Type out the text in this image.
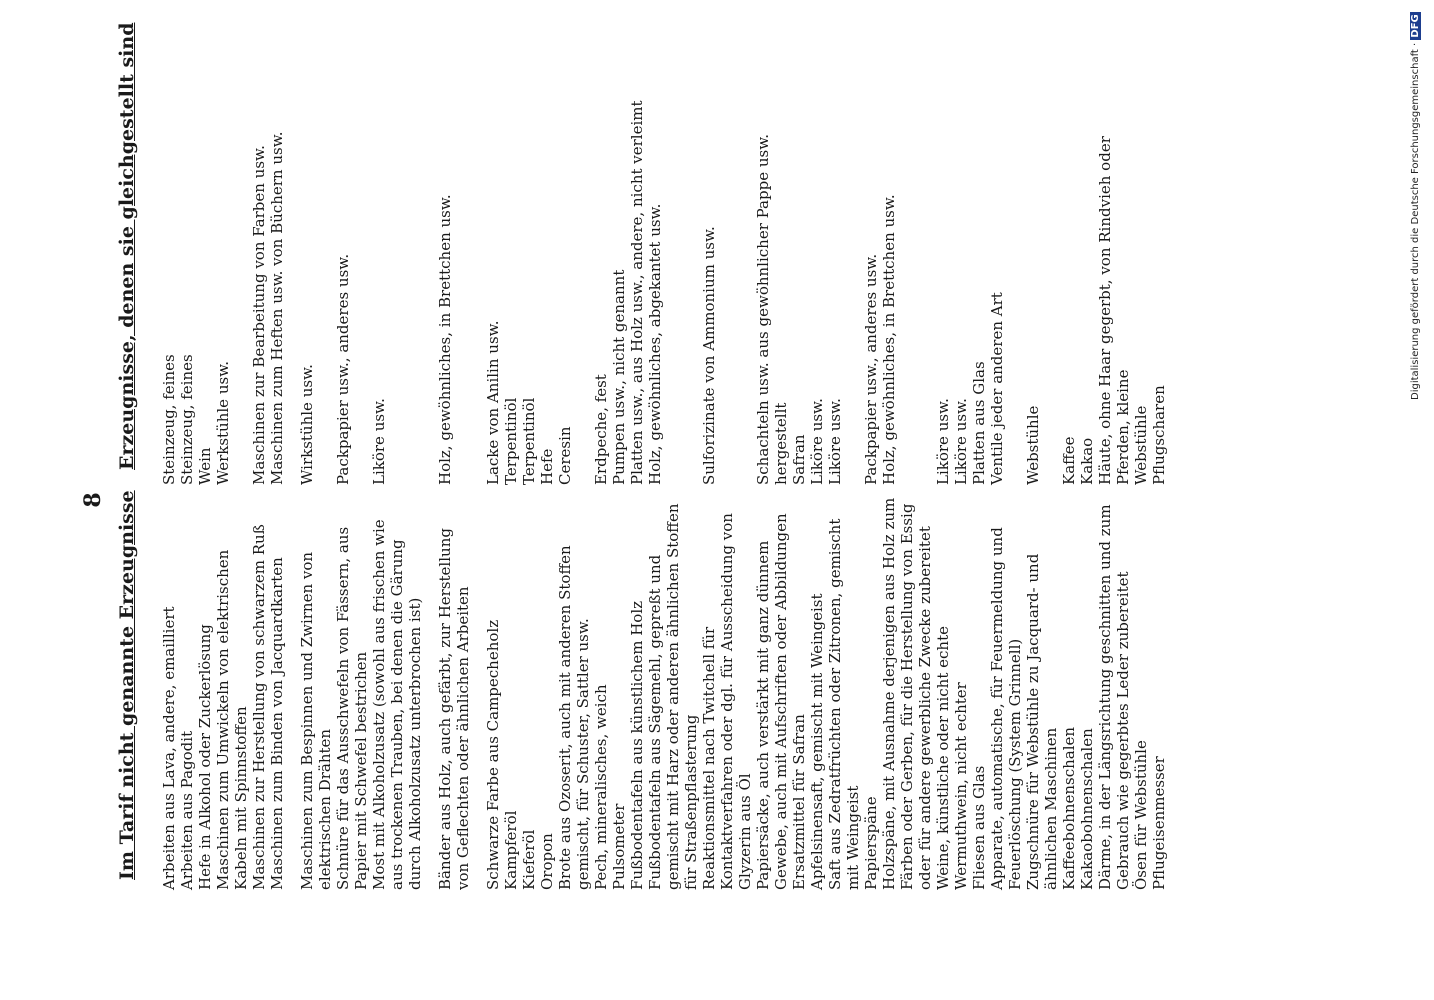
8 Im Tarif nicht genannte Erzeugnisse
Erzeugnisse, denen sie gleichgestellt sind
Arbeiten aus Lava, andere, emailliert
Steinzeug, feines
Arbeiten aus Pagodit
Steinzeug, feines
Hefe in Alkohol oder Zuckerlösung
Wein
Maschinen zum Umwickeln von elektrischen Kabeln mit Spinnstoffen
Werkstühle usw.
Maschinen zur Herstellung von schwarzem Ruß
Maschinen zur Bearbeitung von Farben usw.
Maschinen zum Binden von Jacquardkarten
Maschinen zum Heften usw. von Büchern usw.
Maschinen zum Bespinnen und Zwirnen von elektrischen Drähten
Wirkstühle usw.
Schnüre für das Ausschwefeln von Fässern, aus Papier mit Schwefel bestrichen
Packpapier usw., anderes usw.
Most mit Alkoholzusatz (sowohl aus frischen wie aus trockenen Trauben, bei denen die Gärung durch Alkoholzusatz unterbrochen ist)
Liköre usw.
Bänder aus Holz, auch gefärbt, zur Herstellung von Geflechten oder ähnlichen Arbeiten
Holz, gewöhnliches, in Brettchen usw.
Schwarze Farbe aus Campecheholz
Lacke von Anilin usw.
Kampferöl
Terpentinöl
Kieferöl
Terpentinöl
Oropon
Hefe
Brote aus Ozoserit, auch mit anderen Stoffen gemischt, für Schuster, Sattler usw.
Ceresin
Pech, mineralisches, weich
Erdpeche, fest
Pulsometer
Pumpen usw., nicht genannt
Fußbodentafeln aus künstlichem Holz
Platten usw., aus Holz usw., andere, nicht verleimt
Fußbodentafeln aus Sägemehl, gepreßt und gemischt mit Harz oder anderen ähnlichen Stoffen für Straßenpflasterung
Holz, gewöhnliches, abgekantet usw.
Reaktionsmittel nach Twitchell für Kontaktverfahren oder dgl. für Ausscheidung von Glyzerin aus Öl
Sulforizinate von Ammonium usw.
Papiersäcke, auch verstärkt mit ganz dünnem Gewebe, auch mit Aufschriften oder Abbildungen
Schachteln usw. aus gewöhnlicher Pappe usw. hergestellt
Ersatzmittel für Safran
Safran
Apfelsinensaft, gemischt mit Weingeist
Liköre usw.
Saft aus Zedratfrüchten oder Zitronen, gemischt mit Weingeist
Liköre usw.
Papierspäne
Packpapier usw., anderes usw.
Holzspäne, mit Ausnahme derjenigen aus Holz zum Färben oder Gerben, für die Herstellung von Essig oder für andere gewerbliche Zwecke zubereitet
Holz, gewöhnliches, in Brettchen usw.
Weine, künstliche oder nicht echte
Liköre usw.
Wermuthwein, nicht echter
Liköre usw.
Fliesen aus Glas
Platten aus Glas
Apparate, automatische, für Feuermeldung und Feuerlöschung (System Grinnell)
Ventile jeder anderen Art
Zugschnüre für Webstühle zu Jacquard- und ähnlichen Maschinen
Webstühle
Kaffeebohnenschalen
Kaffee
Kakaobohnenschalen
Kakao
Därme, in der Längsrichtung geschnitten und zum Gebrauch wie gegerbtes Leder zubereitet
Häute, ohne Haar gegerbt, von Rindvieh oder Pferden, kleine
Ösen für Webstühle
Webstühle
Pflugeisenmesser
Pflugscharen
Digitalisierung gefördert durch die Deutsche Forschungsgemeinschaft · DFG
